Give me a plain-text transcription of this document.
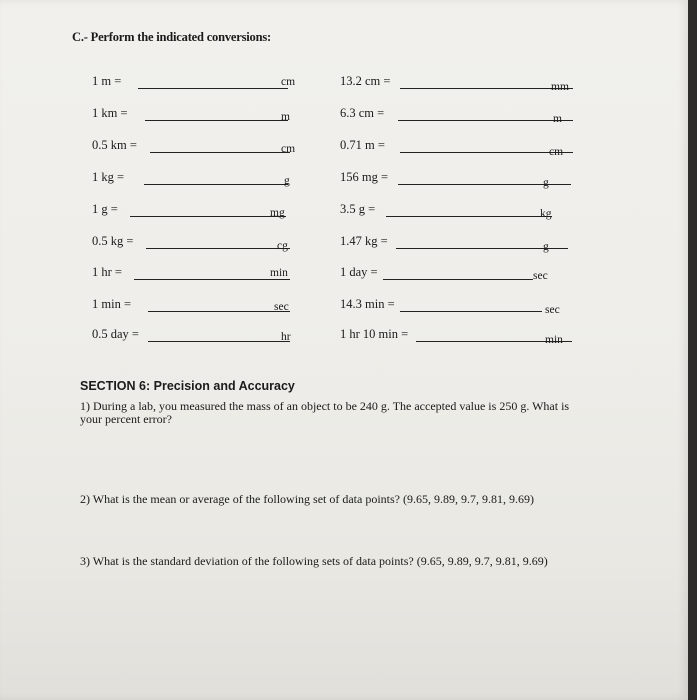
C.- Perform the indicated conversions:
1 m =	cm	13.2 cm =	mm
1 km =	m	6.3 cm =	m
0.5 km =	cm	0.71 m =	cm
1 kg =	g	156 mg =	g
1 g =	mg	3.5 g =	kg
0.5 kg =	cg	1.47 kg =	g
1 hr =	min	1 day =	sec
1 min =	sec	14.3 min =	sec
0.5 day =	hr	1 hr 10 min =	min
SECTION 6: Precision and Accuracy
1) During a lab, you measured the mass of an object to be 240 g. The accepted value is 250 g. What is
your percent error?
2) What is the mean or average of the following set of data points? (9.65, 9.89, 9.7, 9.81, 9.69)
3) What is the standard deviation of the following sets of data points? (9.65, 9.89, 9.7, 9.81, 9.69)
